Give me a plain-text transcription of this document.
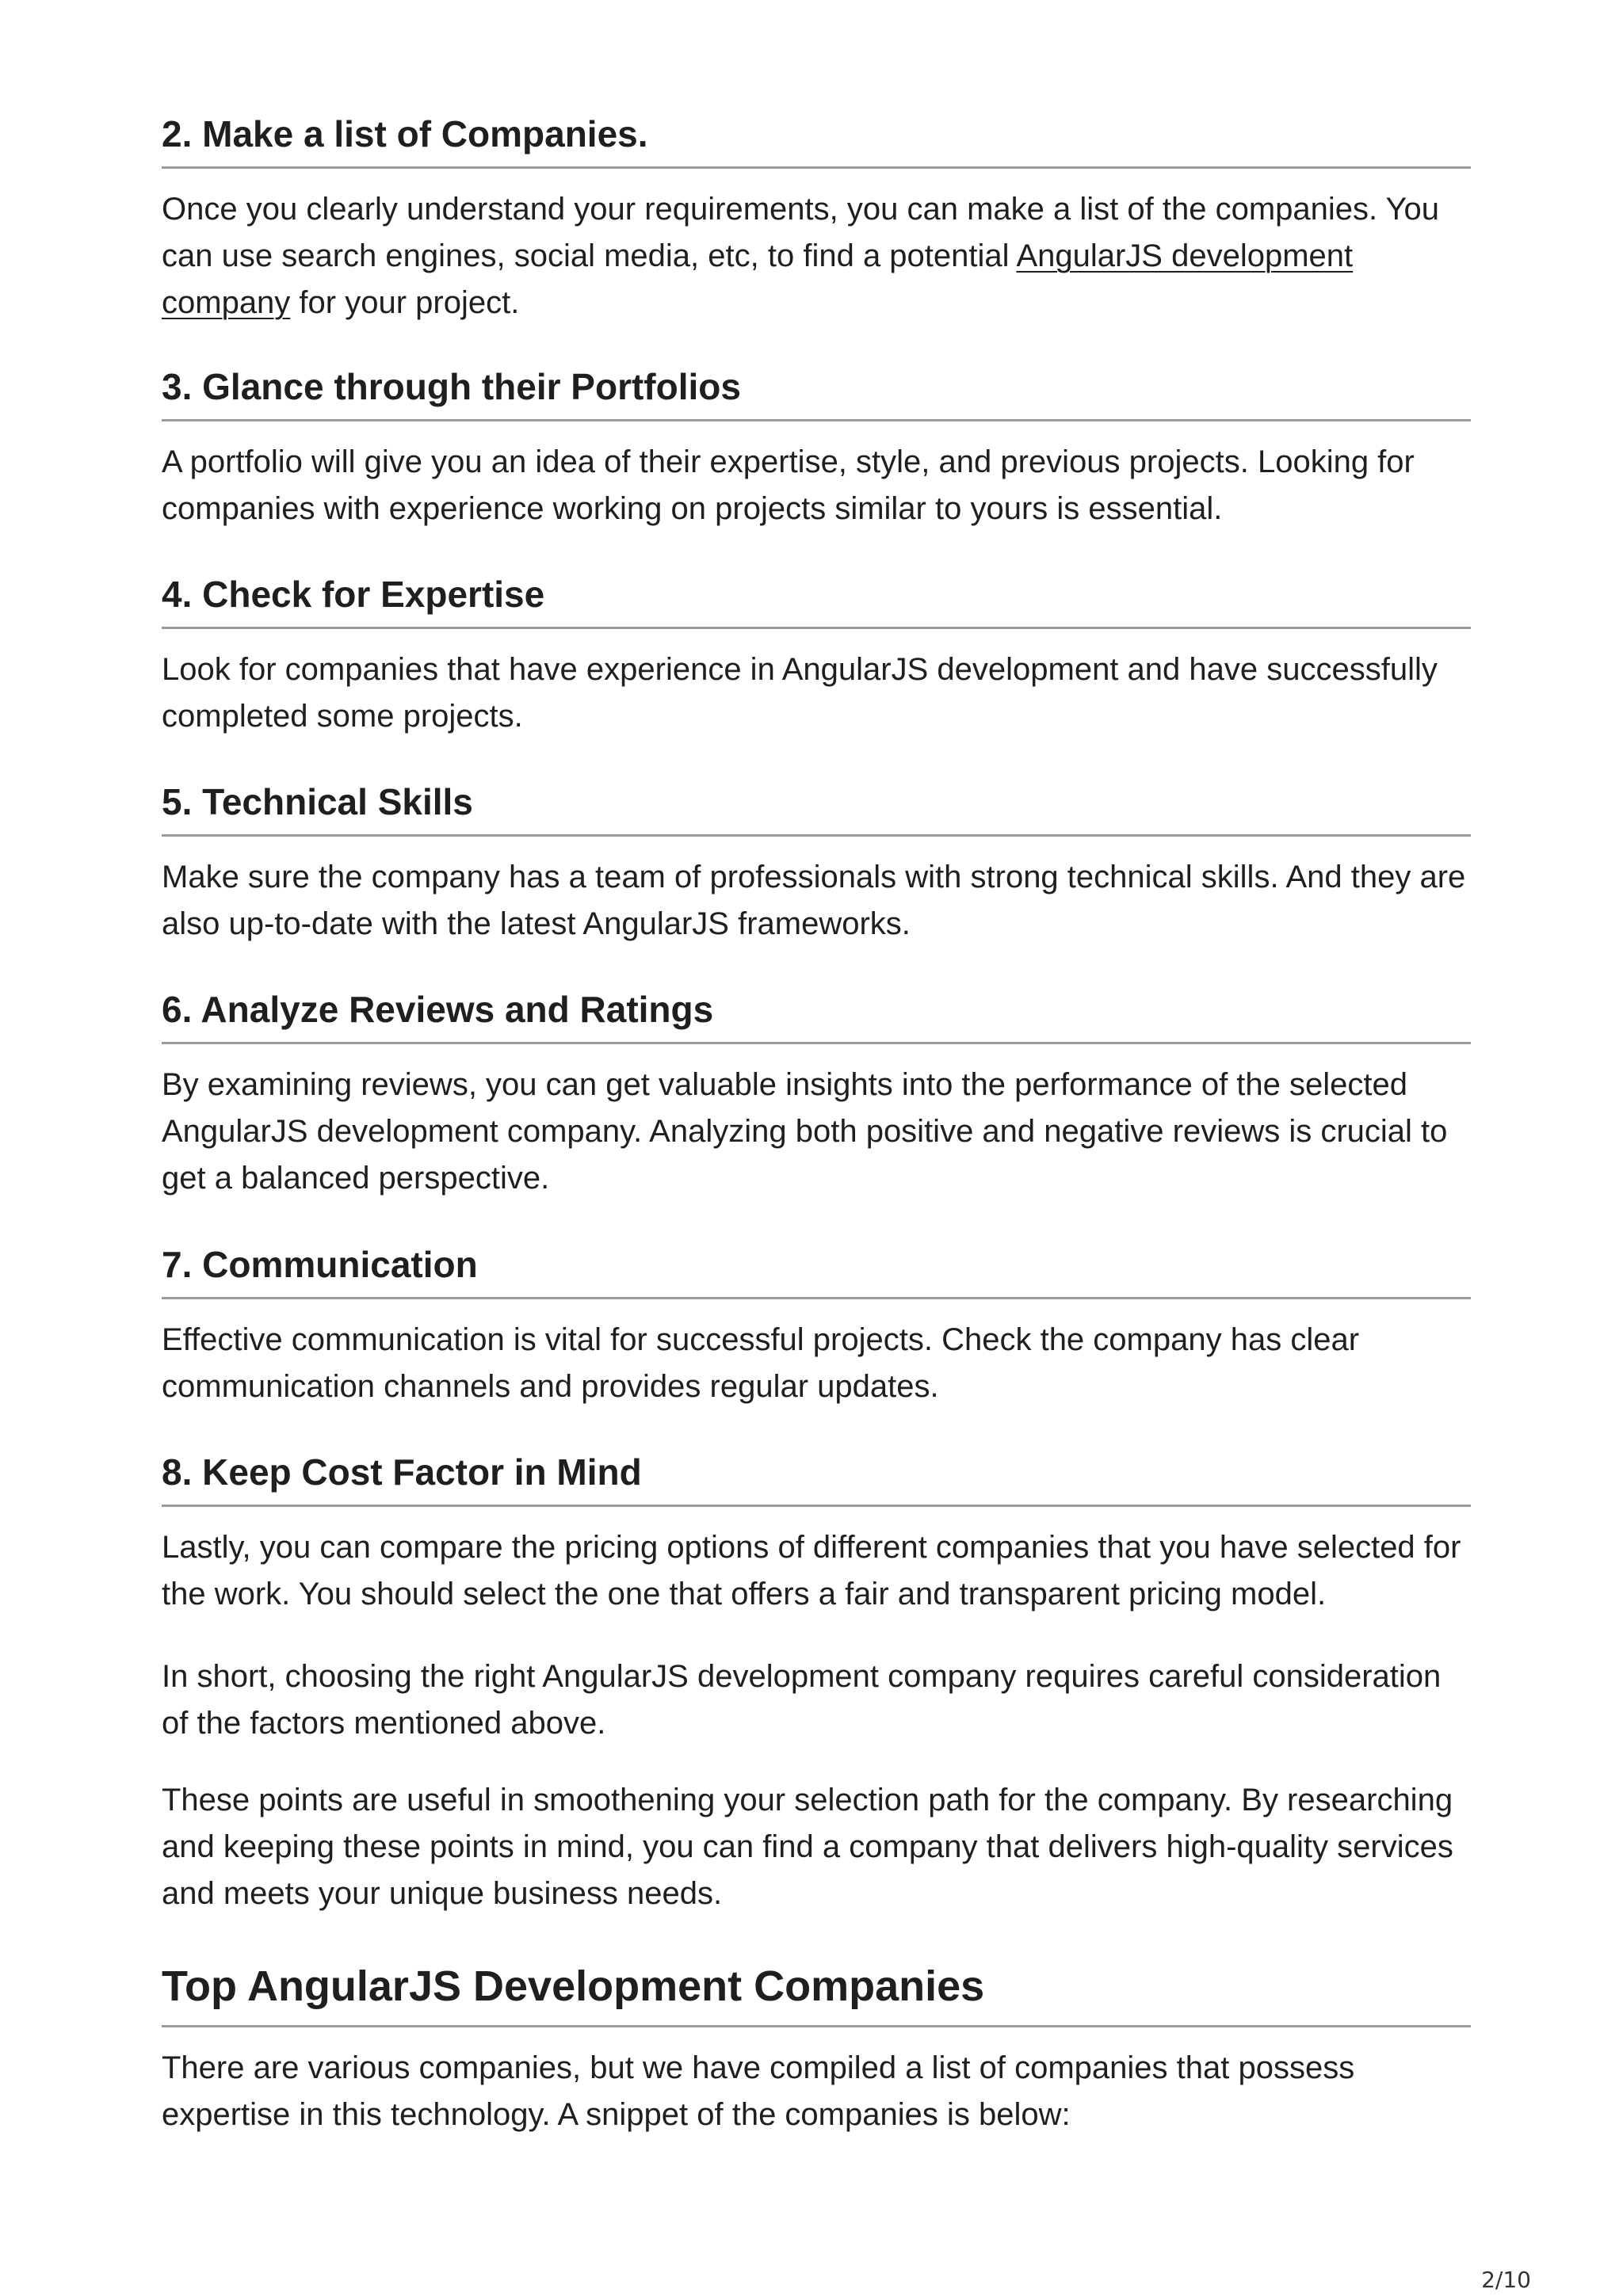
2. Make a list of Companies.

Once you clearly understand your requirements, you can make a list of the companies. You can use search engines, social media, etc, to find a potential AngularJS development company for your project.

3. Glance through their Portfolios

A portfolio will give you an idea of their expertise, style, and previous projects. Looking for companies with experience working on projects similar to yours is essential.

4. Check for Expertise

Look for companies that have experience in AngularJS development and have successfully completed some projects.

5. Technical Skills

Make sure the company has a team of professionals with strong technical skills. And they are also up-to-date with the latest AngularJS frameworks.

6. Analyze Reviews and Ratings

By examining reviews, you can get valuable insights into the performance of the selected AngularJS development company. Analyzing both positive and negative reviews is crucial to get a balanced perspective.

7. Communication

Effective communication is vital for successful projects. Check the company has clear communication channels and provides regular updates.

8. Keep Cost Factor in Mind

Lastly, you can compare the pricing options of different companies that you have selected for the work. You should select the one that offers a fair and transparent pricing model.

In short, choosing the right AngularJS development company requires careful consideration of the factors mentioned above.

These points are useful in smoothening your selection path for the company. By researching and keeping these points in mind, you can find a company that delivers high-quality services and meets your unique business needs.

Top AngularJS Development Companies

There are various companies, but we have compiled a list of companies that possess expertise in this technology. A snippet of the companies is below:

2/10
